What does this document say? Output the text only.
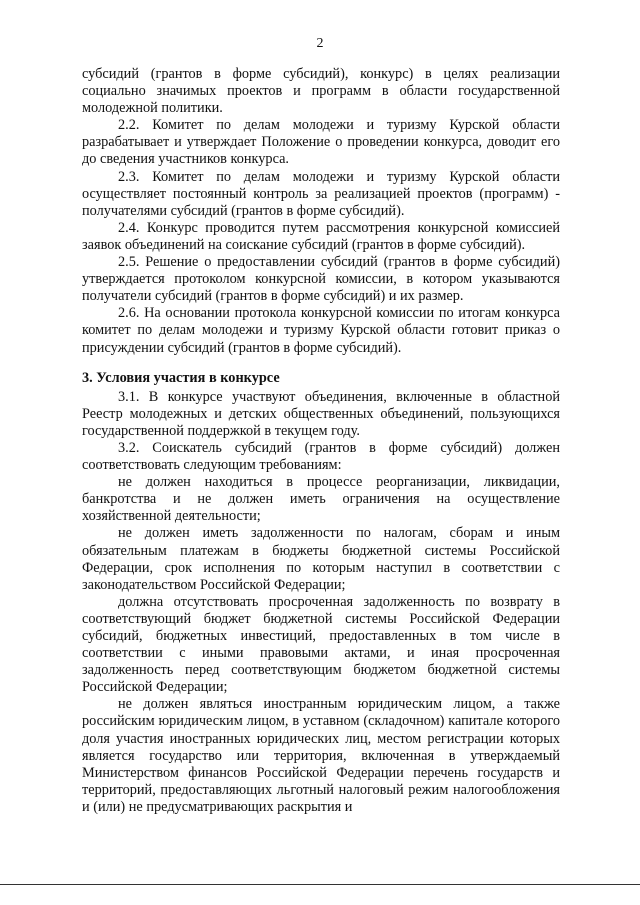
2

субсидий (грантов в форме субсидий), конкурс) в целях реализации социально значимых проектов и программ в области государственной молодежной политики.

2.2. Комитет по делам молодежи и туризму Курской области разрабатывает и утверждает Положение о проведении конкурса, доводит его до сведения участников конкурса.

2.3. Комитет по делам молодежи и туризму Курской области осуществляет постоянный контроль за реализацией проектов (программ) - получателями субсидий (грантов в форме субсидий).

2.4. Конкурс проводится путем рассмотрения конкурсной комиссией заявок объединений на соискание субсидий (грантов в форме субсидий).

2.5. Решение о предоставлении субсидий (грантов в форме субсидий) утверждается протоколом конкурсной комиссии, в котором указываются получатели субсидий (грантов в форме субсидий) и их размер.

2.6. На основании протокола конкурсной комиссии по итогам конкурса комитет по делам молодежи и туризму Курской области готовит приказ о присуждении субсидий (грантов в форме субсидий).

3. Условия участия в конкурсе

3.1. В конкурсе участвуют объединения, включенные в областной Реестр молодежных и детских общественных объединений, пользующихся государственной поддержкой в текущем году.

3.2. Соискатель субсидий (грантов в форме субсидий) должен соответствовать следующим требованиям:

не должен находиться в процессе реорганизации, ликвидации, банкротства и не должен иметь ограничения на осуществление хозяйственной деятельности;

не должен иметь задолженности по налогам, сборам и иным обязательным платежам в бюджеты бюджетной системы Российской Федерации, срок исполнения по которым наступил в соответствии с законодательством Российской Федерации;

должна отсутствовать просроченная задолженность по возврату в соответствующий бюджет бюджетной системы Российской Федерации субсидий, бюджетных инвестиций, предоставленных в том числе в соответствии с иными правовыми актами, и иная просроченная задолженность перед соответствующим бюджетом бюджетной системы Российской Федерации;

не должен являться иностранным юридическим лицом, а также российским юридическим лицом, в уставном (складочном) капитале которого доля участия иностранных юридических лиц, местом регистрации которых является государство или территория, включенная в утверждаемый Министерством финансов Российской Федерации перечень государств и территорий, предоставляющих льготный налоговый режим налогообложения и (или) не предусматривающих раскрытия и
